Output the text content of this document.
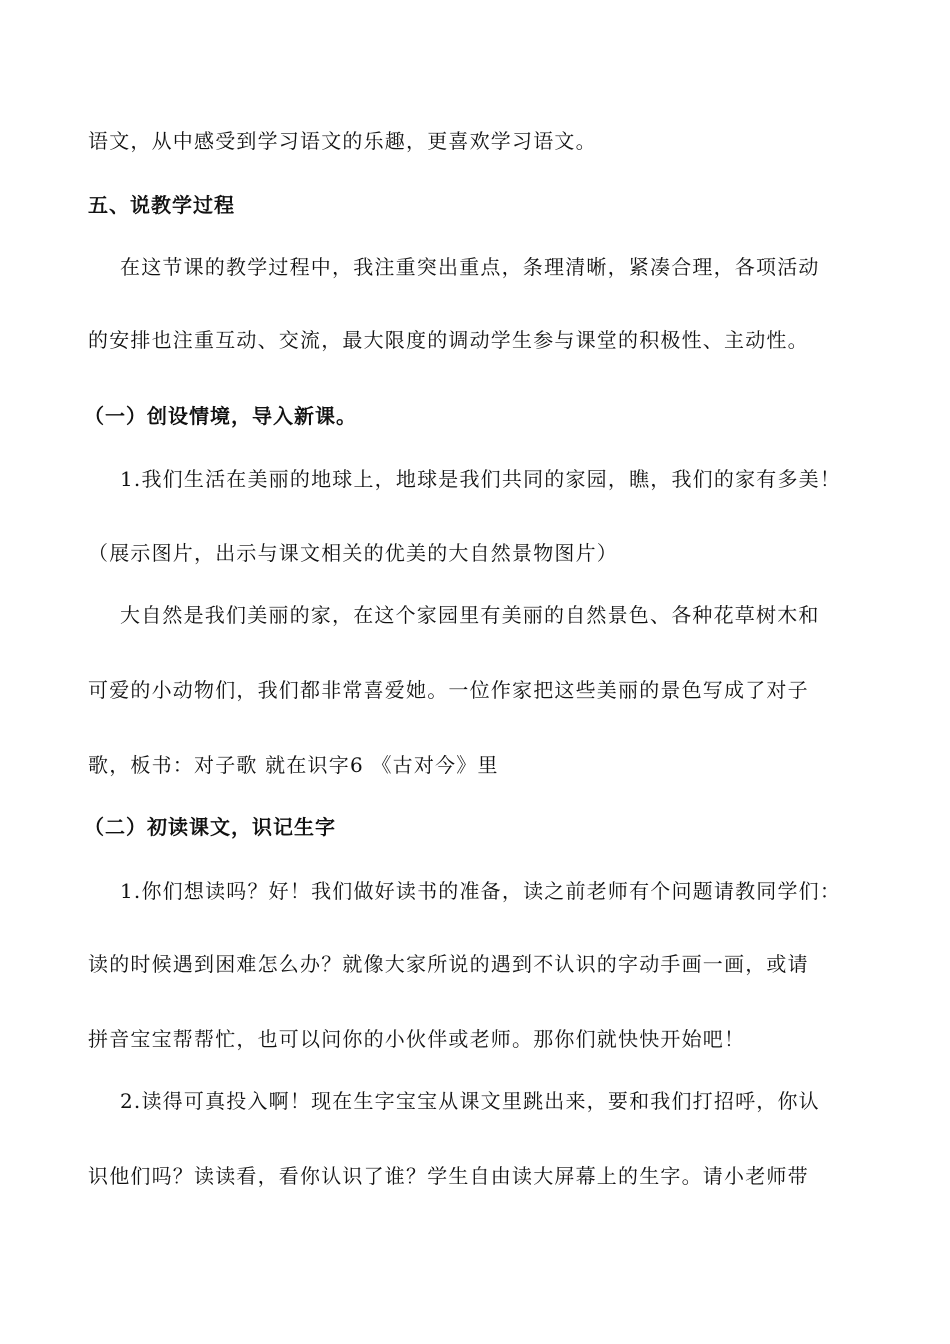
语文，从中感受到学习语文的乐趣，更喜欢学习语文。
五、说教学过程
在这节课的教学过程中，我注重突出重点，条理清晰，紧凑合理，各项活动
的安排也注重互动、交流，最大限度的调动学生参与课堂的积极性、主动性。
（一）创设情境，导入新课。
1.我们生活在美丽的地球上，地球是我们共同的家园，瞧，我们的家有多美！
（展示图片，出示与课文相关的优美的大自然景物图片）
大自然是我们美丽的家，在这个家园里有美丽的自然景色、各种花草树木和
可爱的小动物们，我们都非常喜爱她。一位作家把这些美丽的景色写成了对子
歌，板书：对子歌 就在识字6 《古对今》里
（二）初读课文，识记生字
1.你们想读吗？好！我们做好读书的准备，读之前老师有个问题请教同学们：
读的时候遇到困难怎么办？就像大家所说的遇到不认识的字动手画一画，或请
拼音宝宝帮帮忙，也可以问你的小伙伴或老师。那你们就快快开始吧！
2.读得可真投入啊！现在生字宝宝从课文里跳出来，要和我们打招呼，你认
识他们吗？读读看，看你认识了谁？学生自由读大屏幕上的生字。请小老师带
